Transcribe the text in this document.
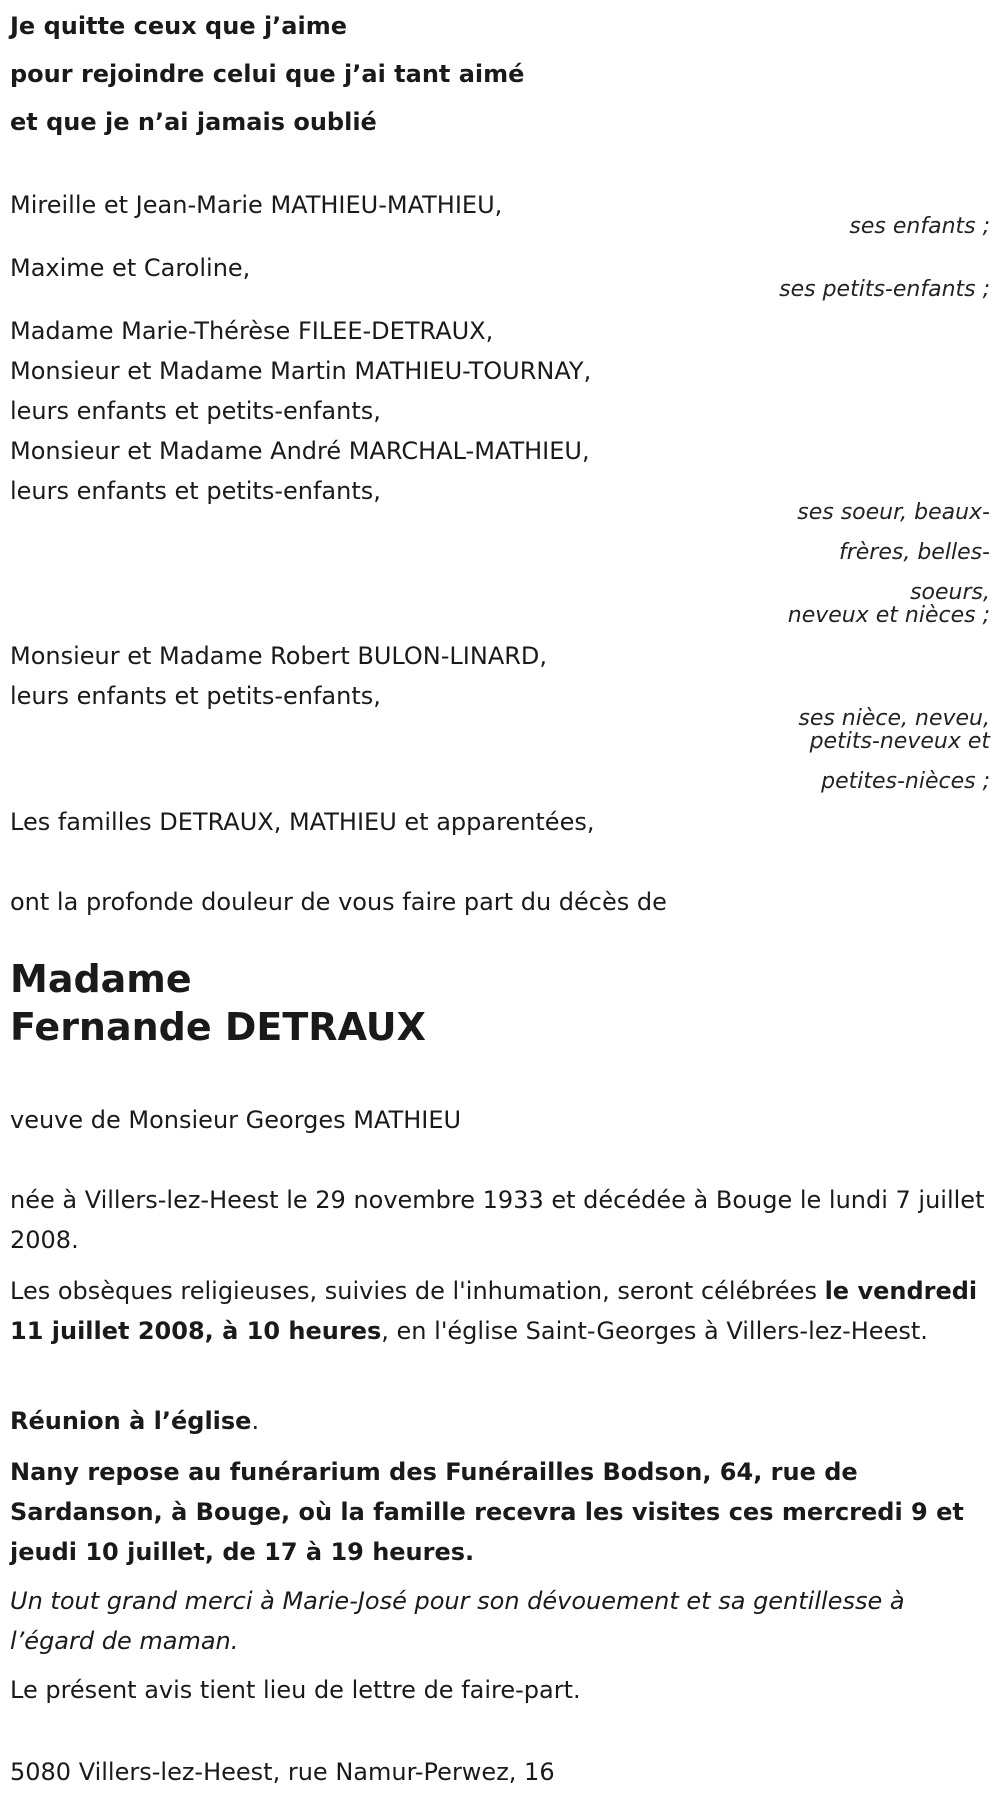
Je quitte ceux que j’aime
pour rejoindre celui que j’ai tant aimé
et que je n’ai jamais oublié
Mireille et Jean-Marie MATHIEU-MATHIEU,
ses enfants ;
Maxime et Caroline,
ses petits-enfants ;
Madame Marie-Thérèse FILEE-DETRAUX,
Monsieur et Madame Martin MATHIEU-TOURNAY,
leurs enfants et petits-enfants,
Monsieur et Madame André MARCHAL-MATHIEU,
leurs enfants et petits-enfants,
ses soeur, beaux-
frères, belles-
soeurs,
neveux et nièces ;
Monsieur et Madame Robert BULON-LINARD,
leurs enfants et petits-enfants,
ses nièce, neveu,
petits-neveux et
petites-nièces ;
Les familles DETRAUX, MATHIEU et apparentées,
ont la profonde douleur de vous faire part du décès de
Madame
Fernande DETRAUX
veuve de Monsieur Georges MATHIEU
née à Villers-lez-Heest le 29 novembre 1933 et décédée à Bouge le lundi 7 juillet 2008.
Les obsèques religieuses, suivies de l'inhumation, seront célébrées le vendredi 11 juillet 2008, à 10 heures, en l'église Saint-Georges à Villers-lez-Heest.
Réunion à l’église.
Nany repose au funérarium des Funérailles Bodson, 64, rue de Sardanson, à Bouge, où la famille recevra les visites ces mercredi 9 et jeudi 10 juillet, de 17 à 19 heures.
Un tout grand merci à Marie-José pour son dévouement et sa gentillesse à l’égard de maman.
Le présent avis tient lieu de lettre de faire-part.
5080 Villers-lez-Heest, rue Namur-Perwez, 16
